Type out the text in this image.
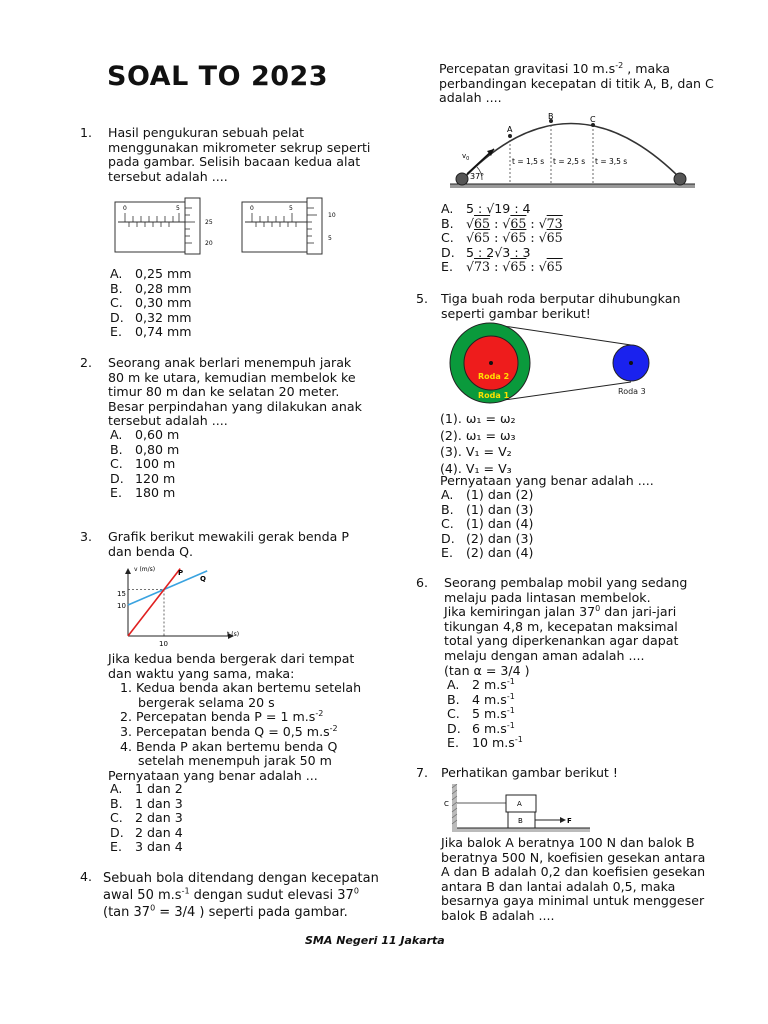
SOAL TO 2023
1. Hasil pengukuran sebuah pelat
menggunakan mikrometer sekrup seperti
pada gambar. Selisih bacaan kedua alat
tersebut adalah ....
0	5
25
20
0	5
10
5
A. 0,25 mm
B. 0,28 mm
C. 0,30 mm
D. 0,32 mm
E.	0,74 mm
2. Seorang anak berlari menempuh jarak
80 m ke utara, kemudian membelok ke
timur 80 m dan ke selatan 20 meter.
Besar perpindahan yang dilakukan anak
tersebut adalah ....
A. 0,60 m
B. 0,80 m
C. 100 m
D. 120 m
E.	180 m
3. Grafik berikut mewakili gerak benda P
dan benda Q.
v (m/s)
t (s)
15
10
10
P
Q
Jika kedua benda bergerak dari tempat
dan waktu yang sama, maka:
1. Kedua benda akan bertemu setelah
bergerak selama 20 s
2. Percepatan benda P = 1 $m.s^{-2}$
3. Percepatan benda Q = 0,5 $m.s^{-2}$
4. Benda P akan bertemu benda Q
setelah menempuh jarak 50 m
Pernyataan yang benar adalah ...
A. 1 dan 2
B. 1 dan 3
C. 2 dan 3
D. 2 dan 4
E.	3 dan 4
4. Sebuah bola ditendang dengan kecepatan
awal 50 $m.s^{-1}$ dengan sudut elevasi $37^0$
(tan $37^0 = 3/4$ ) seperti pada gambar.
Percepatan gravitasi 10 $m.s^{-2}$ , maka
perbandingan kecepatan di titik A, B, dan C
adalah ....
37°
$v_0$
A
B	C
t = 1,5 s t = 2,5 s t = 3,5 s
A. 5 : √19 : 4
B. √65 : √65 : √73
C. √65 : √65 : √65
D. 5 : 2√3 : 3
E.	√73 : √65 : √65
5. Tiga buah roda berputar dihubungkan
seperti gambar berikut!
Roda 2
Roda 1	Roda 3
(1). ω₁ = ω₂
(2). ω₁ = ω₃
(3). V₁ = V₂
(4). V₁ = V₃
Pernyataan yang benar adalah ....
A. (1) dan (2)
B. (1) dan (3)
C. (1) dan (4)
D. (2) dan (3)
E.	(2) dan (4)
6. Seorang pembalap mobil yang sedang
melaju pada lintasan membelok.
Jika kemiringan jalan $37^0$ dan jari-jari
tikungan 4,8 m, kecepatan maksimal
total yang diperkenankan agar dapat
melaju dengan aman adalah ....
(tan α = 3/4 )
A. 2 $m.s^{-1}$
B. 4 $m.s^{-1}$
C. 5 $m.s^{-1}$
D. 6 $m.s^{-1}$
E.	10 $m.s^{-1}$
7. Perhatikan gambar berikut !
C	A
B	F
Jika balok A beratnya 100 N dan balok B
beratnya 500 N, koefisien gesekan antara
A dan B adalah 0,2 dan koefisien gesekan
antara B dan lantai adalah 0,5, maka
besarnya gaya minimal untuk menggeser
balok B adalah ....
SMA Negeri 11 Jakarta
